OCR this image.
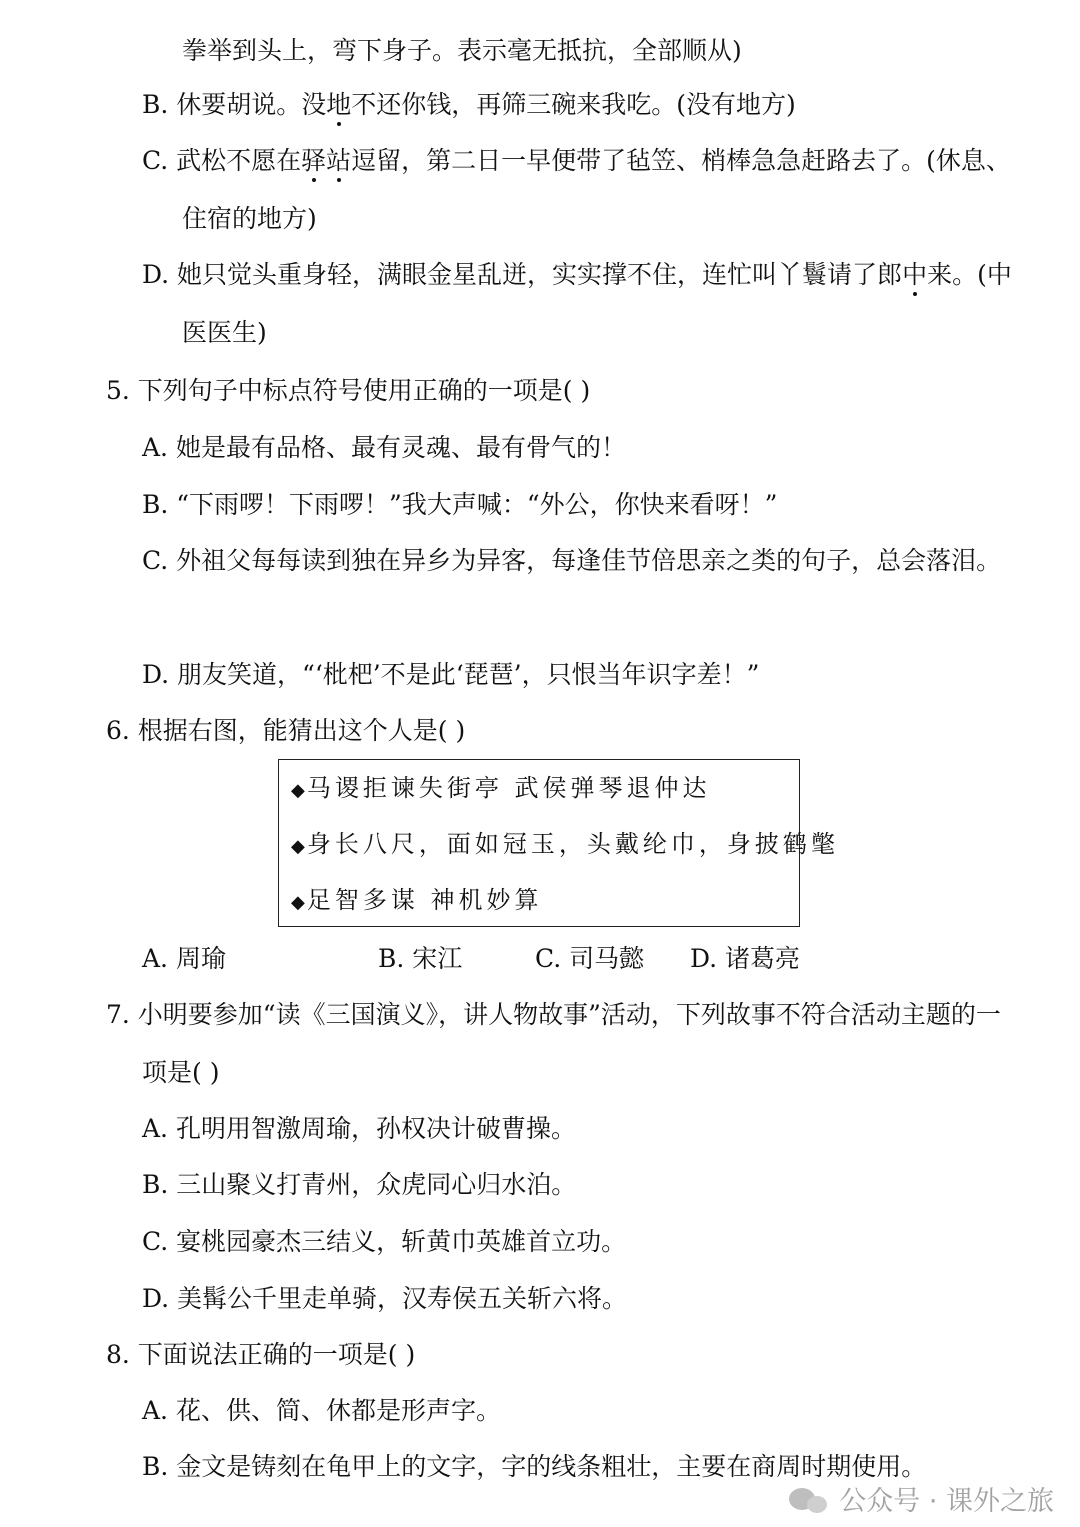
拳举到头上，弯下身子。表示毫无抵抗，全部顺从)
B. 休要胡说。没地不还你钱，再筛三碗来我吃。(没有地方)
C. 武松不愿在驿站逗留，第二日一早便带了毡笠、梢棒急急赶路去了。(休息、
住宿的地方)
D. 她只觉头重身轻，满眼金星乱迸，实实撑不住，连忙叫丫鬟请了郎中来。(中
医医生)
5. 下列句子中标点符号使用正确的一项是( )
A. 她是最有品格、最有灵魂、最有骨气的！
B. “下雨啰！下雨啰！”我大声喊：“外公，你快来看呀！”
C. 外祖父每每读到独在异乡为异客，每逢佳节倍思亲之类的句子，总会落泪。
D. 朋友笑道，“‘枇杷’不是此‘琵琶’，只恨当年识字差！”
6. 根据右图，能猜出这个人是( )
◆马谡拒谏失街亭 武侯弹琴退仲达
◆身长八尺，面如冠玉，头戴纶巾，身披鹤氅
◆足智多谋 神机妙算
A. 周瑜	B. 宋江	C. 司马懿 D. 诸葛亮
7. 小明要参加“读《三国演义》，讲人物故事”活动，下列故事不符合活动主题的一
项是( )
A. 孔明用智激周瑜，孙权决计破曹操。
B. 三山聚义打青州，众虎同心归水泊。
C. 宴桃园豪杰三结义，斩黄巾英雄首立功。
D. 美髯公千里走单骑，汉寿侯五关斩六将。
8. 下面说法正确的一项是( )
A. 花、供、简、休都是形声字。
B. 金文是铸刻在龟甲上的文字，字的线条粗壮，主要在商周时期使用。
公众号 · 课外之旅
